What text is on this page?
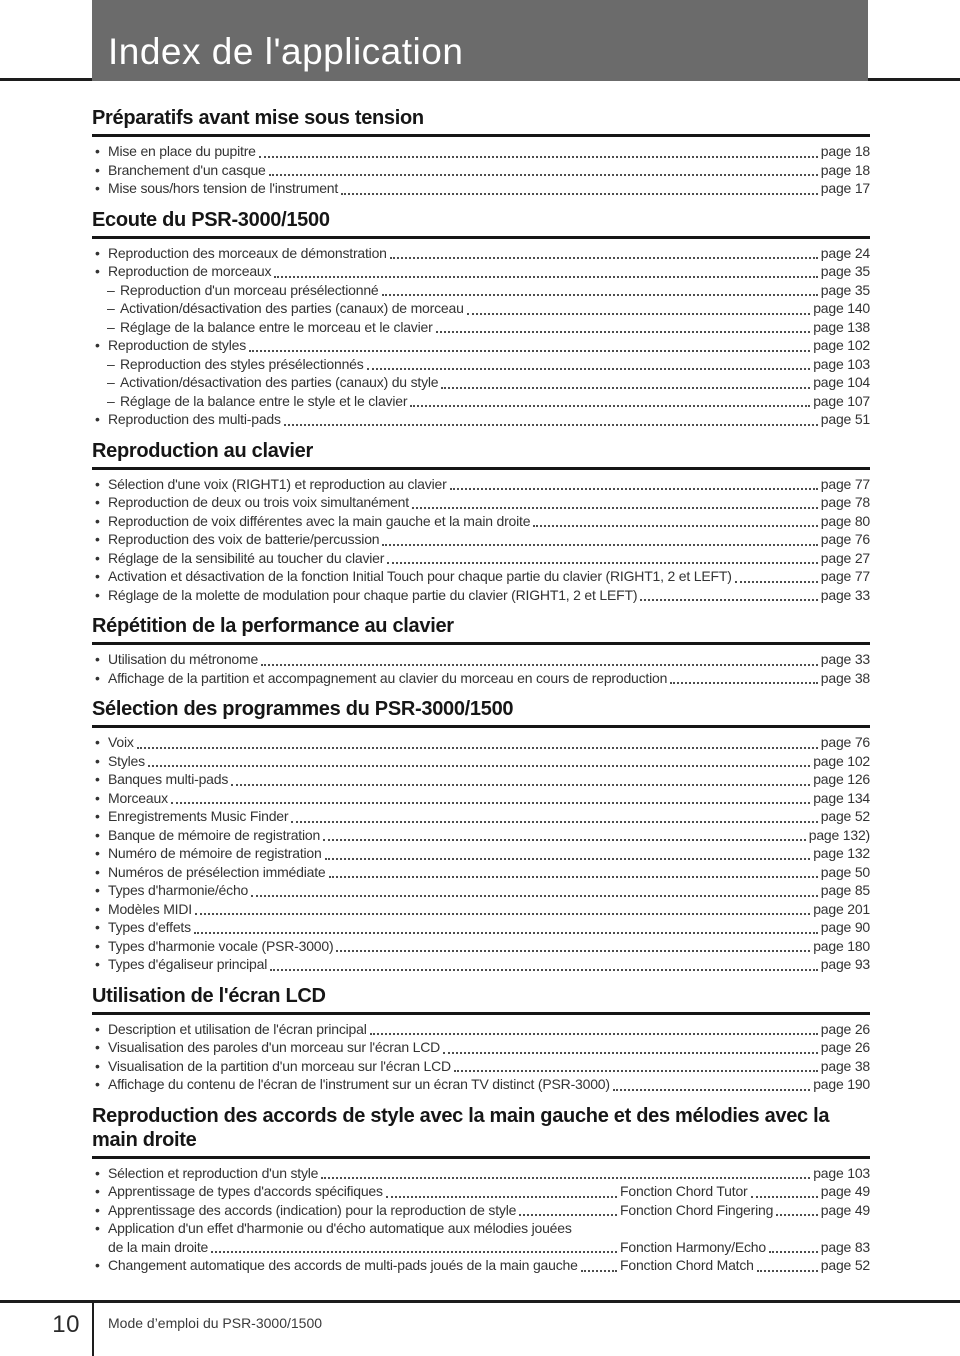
Index de l'application
Préparatifs avant mise sous tension
• Mise en place du pupitre	page 18
• Branchement d'un casque	page 18
• Mise sous/hors tension de l'instrument	page 17
Ecoute du PSR-3000/1500
• Reproduction des morceaux de démonstration	page 24
• Reproduction de morceaux	page 35
– Reproduction d'un morceau présélectionné	page 35
– Activation/désactivation des parties (canaux) de morceau	page 140
– Réglage de la balance entre le morceau et le clavier	page 138
• Reproduction de styles	page 102
– Reproduction des styles présélectionnés	page 103
– Activation/désactivation des parties (canaux) du style	page 104
– Réglage de la balance entre le style et le clavier	page 107
• Reproduction des multi-pads	page 51
Reproduction au clavier
• Sélection d'une voix (RIGHT1) et reproduction au clavier	page 77
• Reproduction de deux ou trois voix simultanément	page 78
• Reproduction de voix différentes avec la main gauche et la main droite	page 80
• Reproduction des voix de batterie/percussion	page 76
• Réglage de la sensibilité au toucher du clavier	page 27
• Activation et désactivation de la fonction Initial Touch pour chaque partie du clavier (RIGHT1, 2 et LEFT)	page 77
• Réglage de la molette de modulation pour chaque partie du clavier (RIGHT1, 2 et LEFT)	page 33
Répétition de la performance au clavier
• Utilisation du métronome	page 33
• Affichage de la partition et accompagnement au clavier du morceau en cours de reproduction	page 38
Sélection des programmes du PSR-3000/1500
• Voix	page 76
• Styles	page 102
• Banques multi-pads	page 126
• Morceaux	page 134
• Enregistrements Music Finder	page 52
• Banque de mémoire de registration	page 132)
• Numéro de mémoire de registration	page 132
• Numéros de présélection immédiate	page 50
• Types d'harmonie/écho	page 85
• Modèles MIDI	page 201
• Types d'effets	page 90
• Types d'harmonie vocale (PSR-3000)	page 180
• Types d'égaliseur principal	page 93
Utilisation de l'écran LCD
• Description et utilisation de l'écran principal	page 26
• Visualisation des paroles d'un morceau sur l'écran LCD	page 26
• Visualisation de la partition d'un morceau sur l'écran LCD	page 38
• Affichage du contenu de l'écran de l'instrument sur un écran TV distinct (PSR-3000)	page 190
Reproduction des accords de style avec la main gauche et des mélodies avec la main droite
• Sélection et reproduction d'un style	page 103
• Apprentissage de types d'accords spécifiques	Fonction Chord Tutor	page 49
• Apprentissage des accords (indication) pour la reproduction de style	Fonction Chord Fingering	page 49
• Application d'un effet d'harmonie ou d'écho automatique aux mélodies jouées
de la main droite	Fonction Harmony/Echo	page 83
• Changement automatique des accords de multi-pads joués de la main gauche	Fonction Chord Match	page 52
10 Mode d’emploi du PSR-3000/1500
